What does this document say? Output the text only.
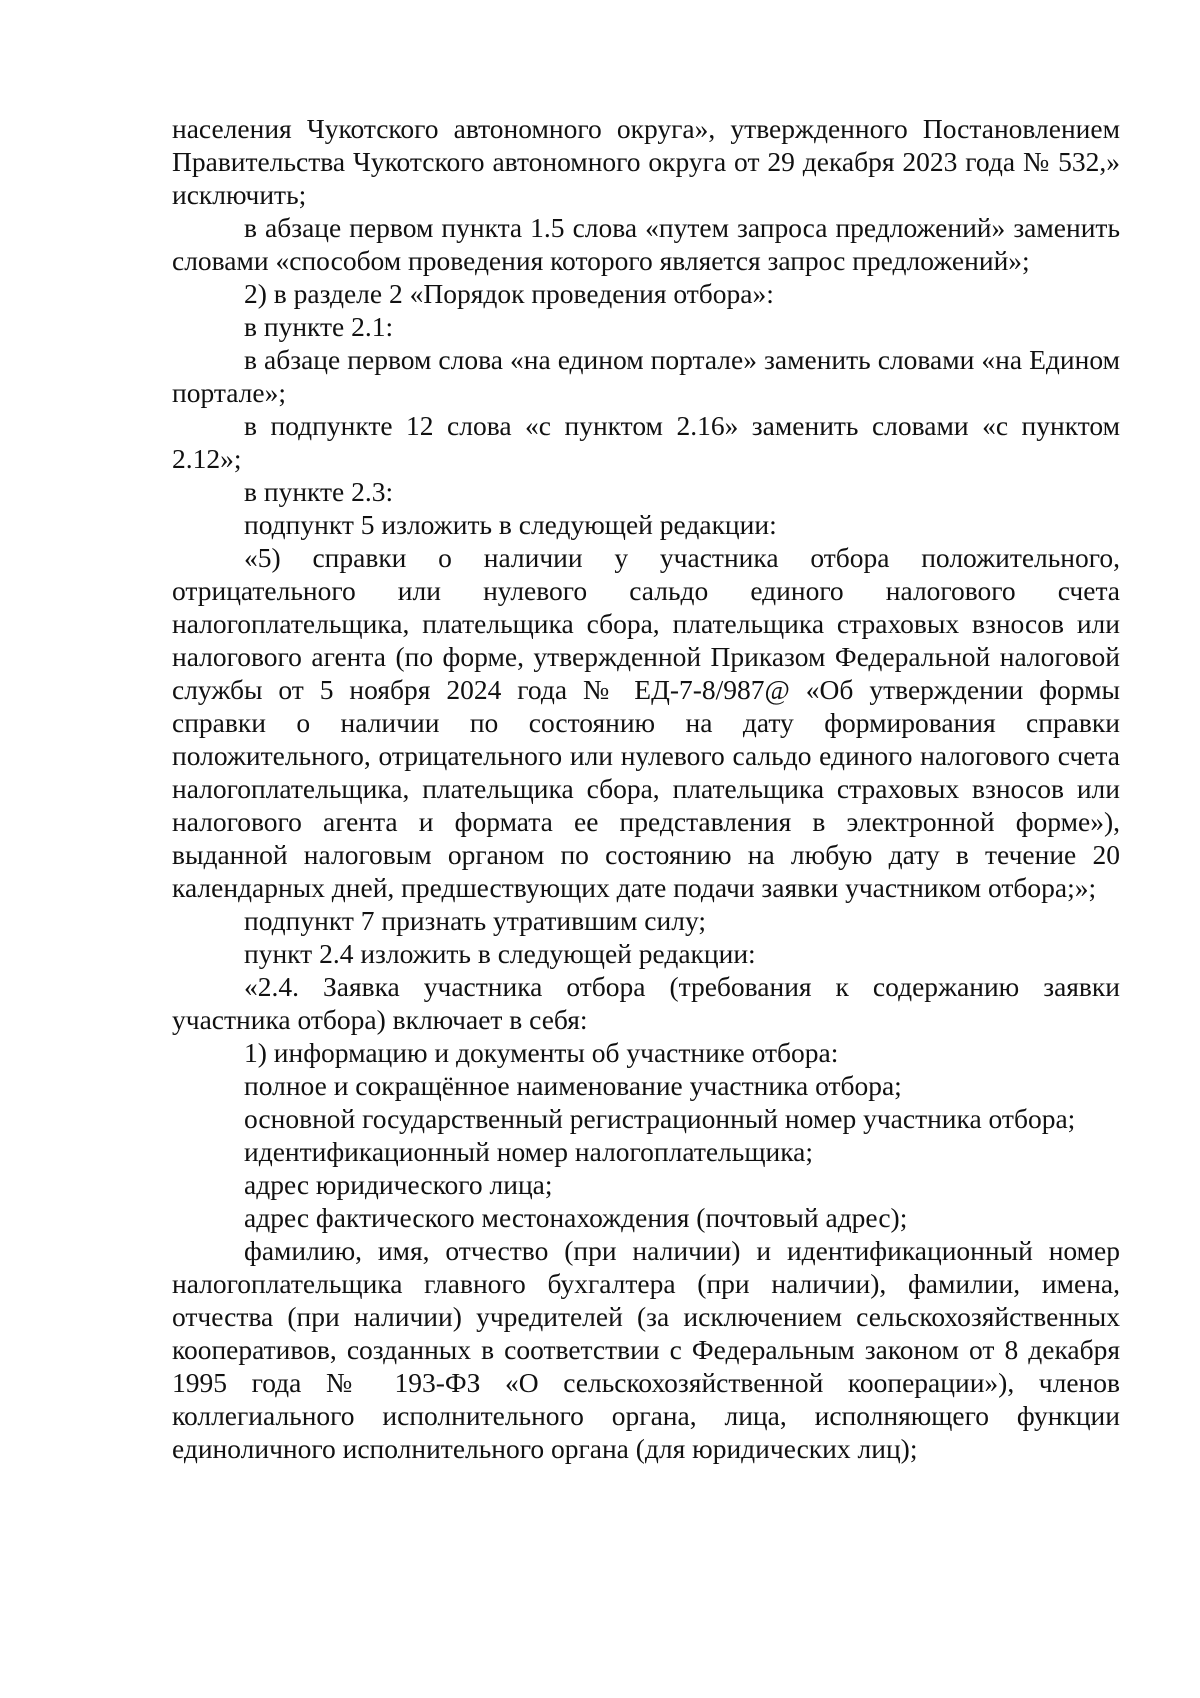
населения Чукотского автономного округа», утвержденного Постановлением Правительства Чукотского автономного округа от 29 декабря 2023 года № 532,» исключить;

в абзаце первом пункта 1.5 слова «путем запроса предложений» заменить словами «способом проведения которого является запрос предложений»;

2) в разделе 2 «Порядок проведения отбора»:

в пункте 2.1:

в абзаце первом слова «на едином портале» заменить словами «на Едином портале»;

в подпункте 12 слова «с пунктом 2.16» заменить словами «с пунктом 2.12»;

в пункте 2.3:

подпункт 5 изложить в следующей редакции:

«5) справки о наличии у участника отбора положительного, отрицательного или нулевого сальдо единого налогового счета налогоплательщика, плательщика сбора, плательщика страховых взносов или налогового агента (по форме, утвержденной Приказом Федеральной налоговой службы от 5 ноября 2024 года № ЕД-7-8/987@ «Об утверждении формы справки о наличии по состоянию на дату формирования справки положительного, отрицательного или нулевого сальдо единого налогового счета налогоплательщика, плательщика сбора, плательщика страховых взносов или налогового агента и формата ее представления в электронной форме»), выданной налоговым органом по состоянию на любую дату в течение 20 календарных дней, предшествующих дате подачи заявки участником отбора;»;

подпункт 7 признать утратившим силу;

пункт 2.4 изложить в следующей редакции:

«2.4. Заявка участника отбора (требования к содержанию заявки участника отбора) включает в себя:

1) информацию и документы об участнике отбора:

полное и сокращённое наименование участника отбора;

основной государственный регистрационный номер участника отбора;

идентификационный номер налогоплательщика;

адрес юридического лица;

адрес фактического местонахождения (почтовый адрес);

фамилию, имя, отчество (при наличии) и идентификационный номер налогоплательщика главного бухгалтера (при наличии), фамилии, имена, отчества (при наличии) учредителей (за исключением сельскохозяйственных кооперативов, созданных в соответствии с Федеральным законом от 8 декабря 1995 года № 193-ФЗ «О сельскохозяйственной кооперации»), членов коллегиального исполнительного органа, лица, исполняющего функции единоличного исполнительного органа (для юридических лиц);
